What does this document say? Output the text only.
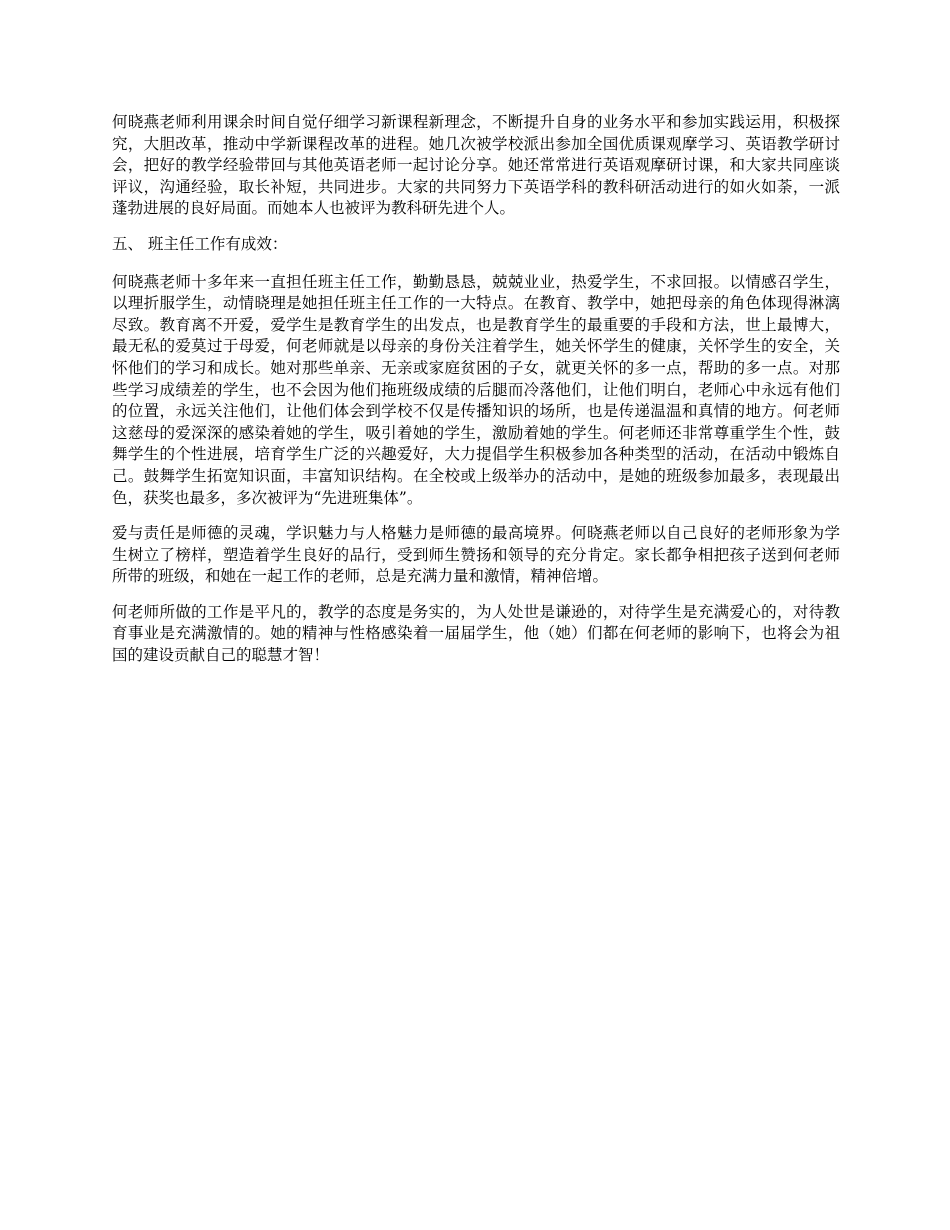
何晓燕老师利用课余时间自觉仔细学习新课程新理念，不断提升自身的业务水平和参加实践运用，积极探究，大胆改革，推动中学新课程改革的进程。她几次被学校派出参加全国优质课观摩学习、英语教学研讨会，把好的教学经验带回与其他英语老师一起讨论分享。她还常常进行英语观摩研讨课，和大家共同座谈评议，沟通经验，取长补短，共同进步。大家的共同努力下英语学科的教科研活动进行的如火如荼，一派蓬勃进展的良好局面。而她本人也被评为教科研先进个人。

五、 班主任工作有成效：

何晓燕老师十多年来一直担任班主任工作，勤勤恳恳，兢兢业业，热爱学生，不求回报。以情感召学生，以理折服学生，动情晓理是她担任班主任工作的一大特点。在教育、教学中，她把母亲的角色体现得淋漓尽致。教育离不开爱，爱学生是教育学生的出发点，也是教育学生的最重要的手段和方法，世上最博大，最无私的爱莫过于母爱，何老师就是以母亲的身份关注着学生，她关怀学生的健康，关怀学生的安全，关怀他们的学习和成长。她对那些单亲、无亲或家庭贫困的子女，就更关怀的多一点，帮助的多一点。对那些学习成绩差的学生，也不会因为他们拖班级成绩的后腿而冷落他们，让他们明白，老师心中永远有他们的位置，永远关注他们，让他们体会到学校不仅是传播知识的场所，也是传递温温和真情的地方。何老师这慈母的爱深深的感染着她的学生，吸引着她的学生，激励着她的学生。何老师还非常尊重学生个性，鼓舞学生的个性进展，培育学生广泛的兴趣爱好，大力提倡学生积极参加各种类型的活动，在活动中锻炼自己。鼓舞学生拓宽知识面，丰富知识结构。在全校或上级举办的活动中，是她的班级参加最多，表现最出色，获奖也最多，多次被评为“先进班集体”。

爱与责任是师德的灵魂，学识魅力与人格魅力是师德的最高境界。何晓燕老师以自己良好的老师形象为学生树立了榜样，塑造着学生良好的品行，受到师生赞扬和领导的充分肯定。家长都争相把孩子送到何老师所带的班级，和她在一起工作的老师，总是充满力量和激情，精神倍增。

何老师所做的工作是平凡的，教学的态度是务实的，为人处世是谦逊的，对待学生是充满爱心的，对待教育事业是充满激情的。她的精神与性格感染着一届届学生，他（她）们都在何老师的影响下，也将会为祖国的建设贡献自己的聪慧才智！
